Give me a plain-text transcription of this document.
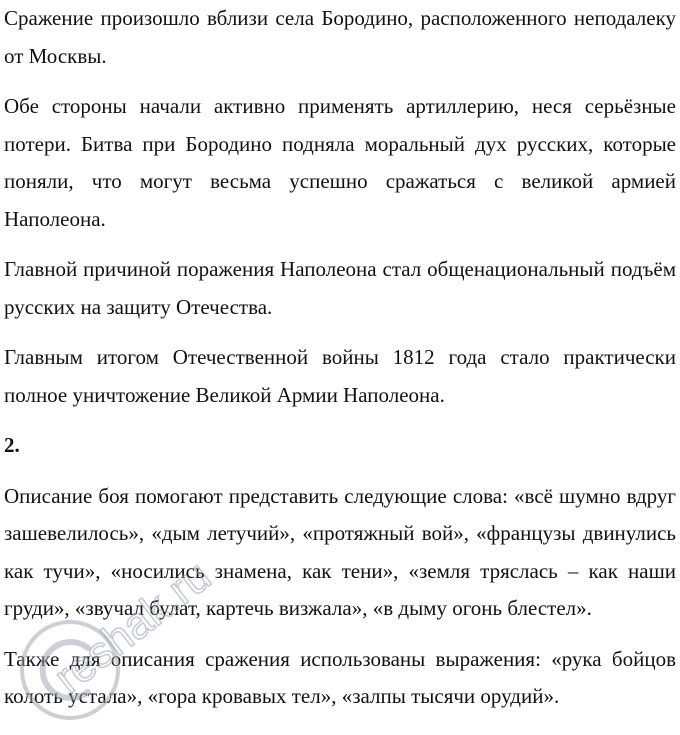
Сражение произошло вблизи села Бородино, расположенного неподалеку от Москвы.

Обе стороны начали активно применять артиллерию, неся серьёзные потери. Битва при Бородино подняла моральный дух русских, которые поняли, что могут весьма успешно сражаться с великой армией Наполеона.

Главной причиной поражения Наполеона стал общенациональный подъём русских на защиту Отечества.

Главным итогом Отечественной войны 1812 года стало практически полное уничтожение Великой Армии Наполеона.

2.

Описание боя помогают представить следующие слова: «всё шумно вдруг зашевелилось», «дым летучий», «протяжный вой», «французы двинулись как тучи», «носились знамена, как тени», «земля тряслась – как наши груди», «звучал булат, картечь визжала», «в дыму огонь блестел».

Также для описания сражения использованы выражения: «рука бойцов колоть устала», «гора кровавых тел», «залпы тысячи орудий».

reshak.ru
